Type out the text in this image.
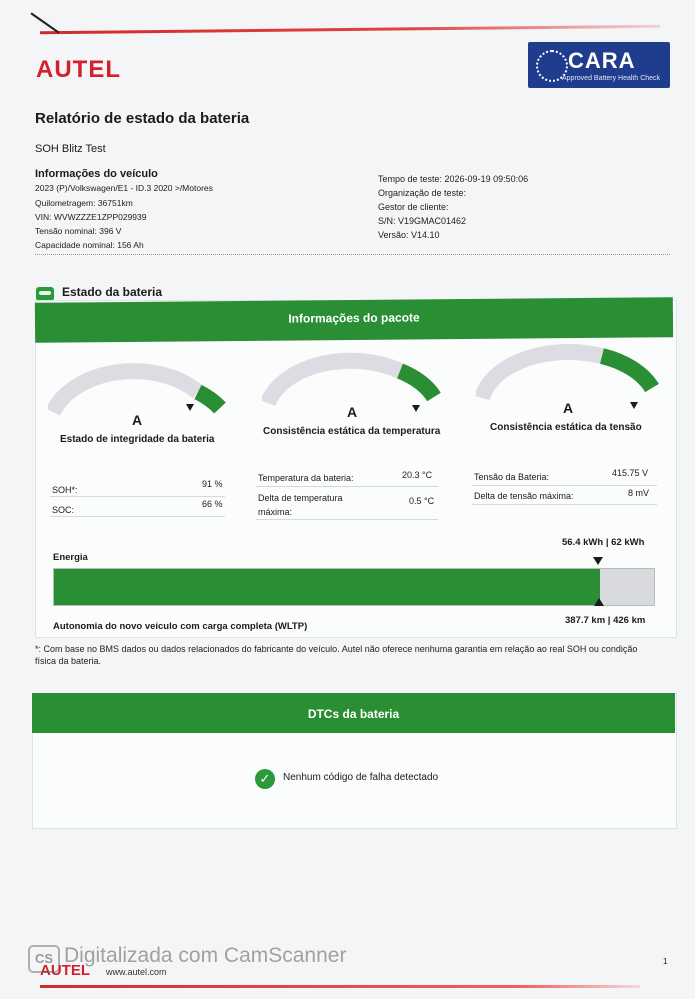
AUTEL	CARA
Approved Battery Health Check
Relatório de estado da bateria
SOH Blitz Test
Informações do veículo
2023 (P)/Volkswagen/E1 - ID.3 2020 >/Motores
Quilometragem: 36751km
VIN: WVWZZZE1ZPP029939
Tensão nominal: 396 V
Capacidade nominal: 156 Ah
Tempo de teste: 2026-09-19 09:50:06
Organização de teste:
Gestor de cliente:
S/N: V19GMAC01462
Versão: V14.10
Estado da bateria
Informações do pacote
A
Estado de integridade da bateria
A
Consistência estática da temperatura
A
Consistência estática da tensão
SOH*:
91 %
SOC:
66 %
Temperatura da bateria:	20.3 °C
Delta de temperatura
máxima:
0.5 °C
Tensão da Bateria:	415.75 V
Delta de tensão máxima:	8 mV
Energia
56.4 kWh | 62 kWh
Autonomia do novo veículo com carga completa (WLTP)
387.7 km | 426 km
*: Com base no BMS dados ou dados relacionados do fabricante do veículo. Autel não oferece nenhuma garantia em relação ao real SOH ou condição física da bateria.
DTCs da bateria
✓	Nenhum código de falha detectado
AUTEL www.autel.com
CS Digitalizada com CamScanner	1
